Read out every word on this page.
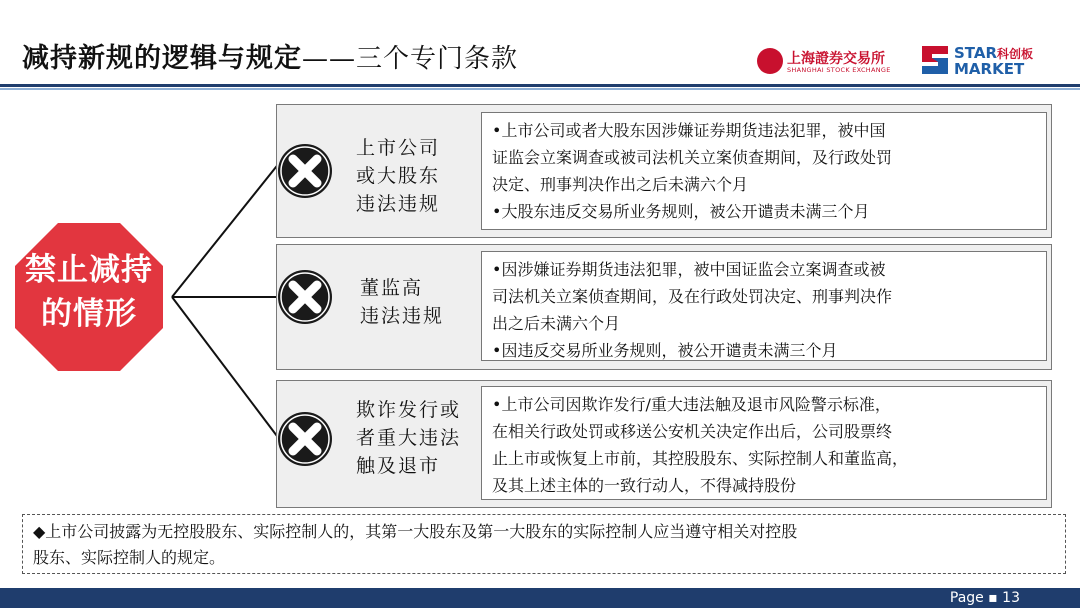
减持新规的逻辑与规定——三个专门条款	上海證券交易所
SHANGHAI STOCK EXCHANGE
STAR科创板
MARKET
禁止减持
的情形
上市公司
或大股东
违法违规
•上市公司或者大股东因涉嫌证券期货违法犯罪，被中国
证监会立案调查或被司法机关立案侦查期间，及行政处罚
决定、刑事判决作出之后未满六个月
•大股东违反交易所业务规则，被公开谴责未满三个月
董监高
违法违规
•因涉嫌证券期货违法犯罪，被中国证监会立案调查或被
司法机关立案侦查期间，及在行政处罚决定、刑事判决作
出之后未满六个月
•因违反交易所业务规则，被公开谴责未满三个月
欺诈发行或
者重大违法
触及退市
•上市公司因欺诈发行/重大违法触及退市风险警示标准，
在相关行政处罚或移送公安机关决定作出后，公司股票终
止上市或恢复上市前，其控股股东、实际控制人和董监高，
及其上述主体的一致行动人，不得减持股份
◆上市公司披露为无控股股东、实际控制人的，其第一大股东及第一大股东的实际控制人应当遵守相关对控股
股东、实际控制人的规定。
Page ▪ 13
